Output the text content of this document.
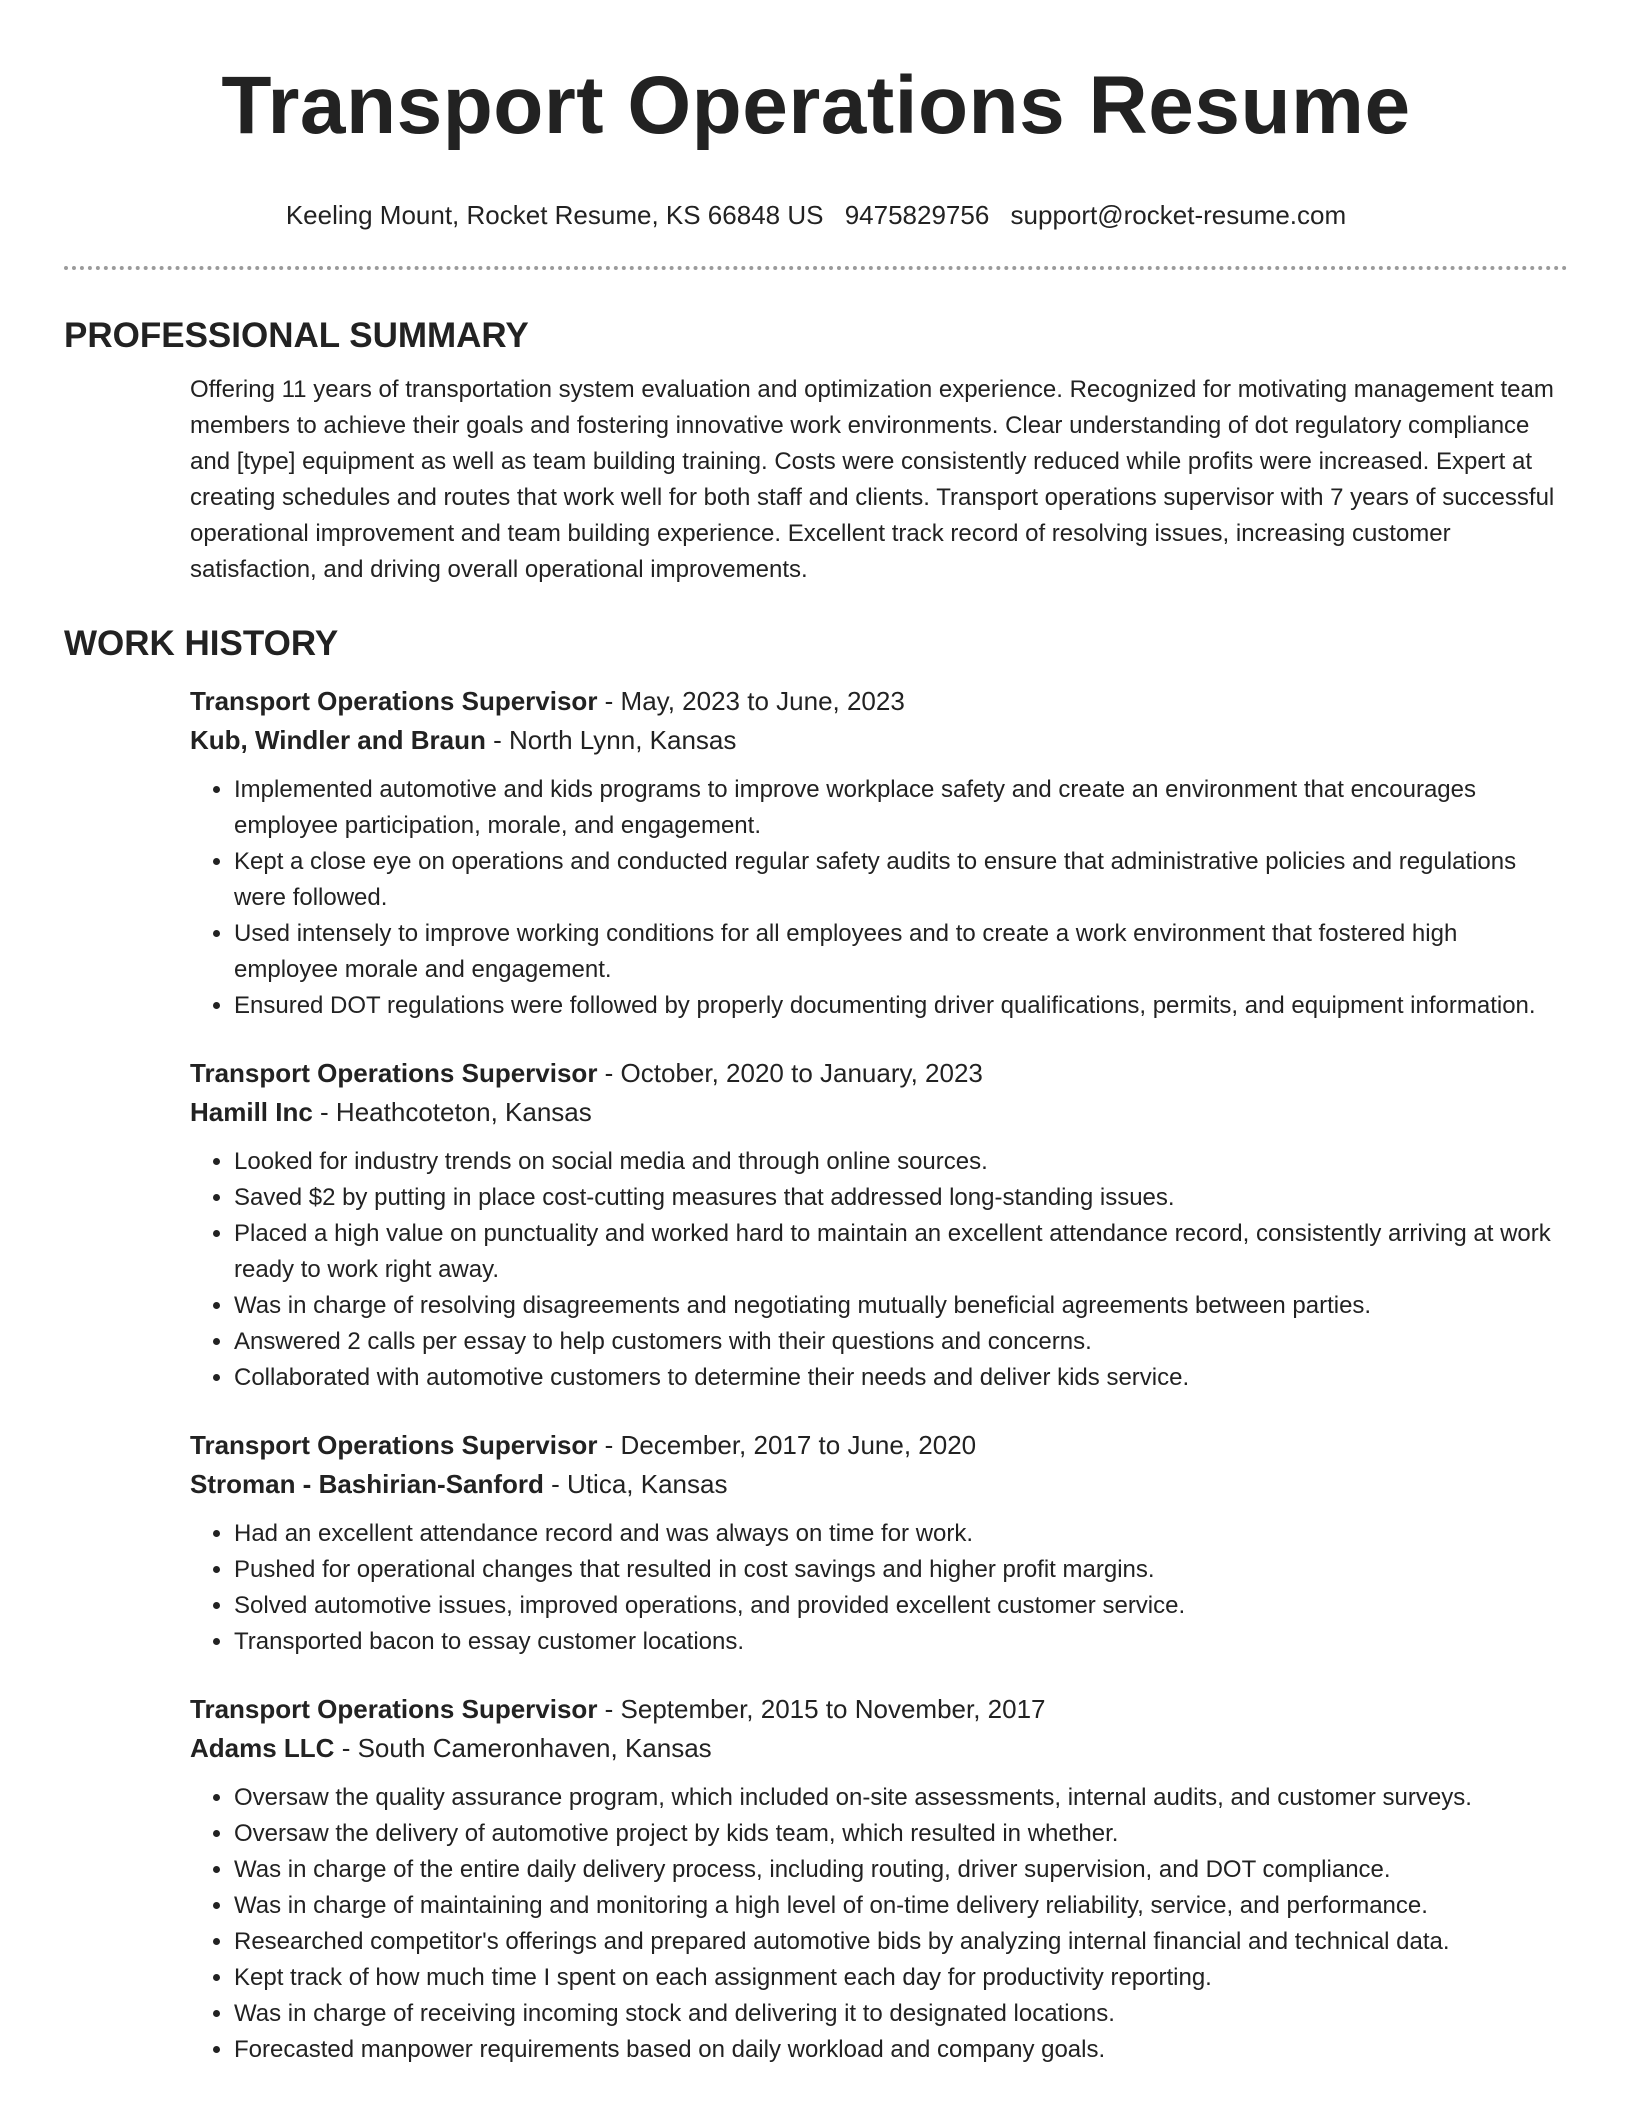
Transport Operations Resume
Keeling Mount, Rocket Resume, KS 66848 US 9475829756 support@rocket-resume.com
PROFESSIONAL SUMMARY

Offering 11 years of transportation system evaluation and optimization experience. Recognized for motivating management team members to achieve their goals and fostering innovative work environments. Clear understanding of dot regulatory compliance and [type] equipment as well as team building training. Costs were consistently reduced while profits were increased. Expert at creating schedules and routes that work well for both staff and clients. Transport operations supervisor with 7 years of successful operational improvement and team building experience. Excellent track record of resolving issues, increasing customer satisfaction, and driving overall operational improvements.

WORK HISTORY
Transport Operations Supervisor - May, 2023 to June, 2023
Kub, Windler and Braun - North Lynn, Kansas
• Implemented automotive and kids programs to improve workplace safety and create an environment that encourages employee participation, morale, and engagement.
• Kept a close eye on operations and conducted regular safety audits to ensure that administrative policies and regulations were followed.
• Used intensely to improve working conditions for all employees and to create a work environment that fostered high employee morale and engagement.
• Ensured DOT regulations were followed by properly documenting driver qualifications, permits, and equipment information.
Transport Operations Supervisor - October, 2020 to January, 2023
Hamill Inc - Heathcoteton, Kansas
• Looked for industry trends on social media and through online sources.
• Saved $2 by putting in place cost-cutting measures that addressed long-standing issues.
• Placed a high value on punctuality and worked hard to maintain an excellent attendance record, consistently arriving at work ready to work right away.
• Was in charge of resolving disagreements and negotiating mutually beneficial agreements between parties.
• Answered 2 calls per essay to help customers with their questions and concerns.
• Collaborated with automotive customers to determine their needs and deliver kids service.
Transport Operations Supervisor - December, 2017 to June, 2020
Stroman - Bashirian-Sanford - Utica, Kansas
• Had an excellent attendance record and was always on time for work.
• Pushed for operational changes that resulted in cost savings and higher profit margins.
• Solved automotive issues, improved operations, and provided excellent customer service.
• Transported bacon to essay customer locations.
Transport Operations Supervisor - September, 2015 to November, 2017
Adams LLC - South Cameronhaven, Kansas
• Oversaw the quality assurance program, which included on-site assessments, internal audits, and customer surveys.
• Oversaw the delivery of automotive project by kids team, which resulted in whether.
• Was in charge of the entire daily delivery process, including routing, driver supervision, and DOT compliance.
• Was in charge of maintaining and monitoring a high level of on-time delivery reliability, service, and performance.
• Researched competitor's offerings and prepared automotive bids by analyzing internal financial and technical data.
• Kept track of how much time I spent on each assignment each day for productivity reporting.
• Was in charge of receiving incoming stock and delivering it to designated locations.
• Forecasted manpower requirements based on daily workload and company goals.
